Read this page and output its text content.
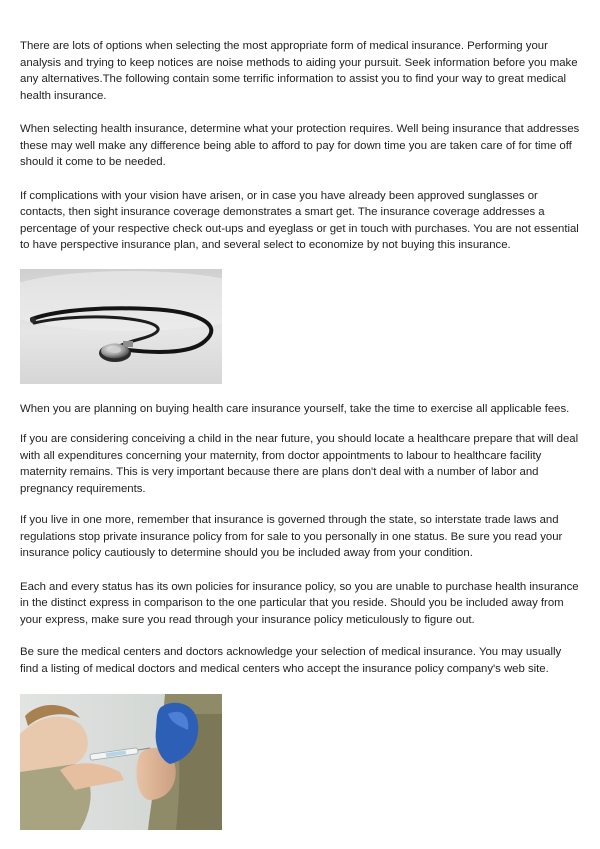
There are lots of options when selecting the most appropriate form of medical insurance. Performing your analysis and trying to keep notices are noise methods to aiding your pursuit. Seek information before you make any alternatives.The following contain some terrific information to assist you to find your way to great medical health insurance.

When selecting health insurance, determine what your protection requires. Well being insurance that addresses these may well make any difference being able to afford to pay for down time you are taken care of for time off should it come to be needed.

If complications with your vision have arisen, or in case you have already been approved sunglasses or contacts, then sight insurance coverage demonstrates a smart get. The insurance coverage addresses a percentage of your respective check out-ups and eyeglass or get in touch with purchases. You are not essential to have perspective insurance plan, and several select to economize by not buying this insurance.

When you are planning on buying health care insurance yourself, take the time to exercise all applicable fees.

If you are considering conceiving a child in the near future, you should locate a healthcare prepare that will deal with all expenditures concerning your maternity, from doctor appointments to labour to healthcare facility maternity remains. This is very important because there are plans don't deal with a number of labor and pregnancy requirements.

If you live in one more, remember that insurance is governed through the state, so interstate trade laws and regulations stop private insurance policy from for sale to you personally in one status. Be sure you read your insurance policy cautiously to determine should you be included away from your condition.

Each and every status has its own policies for insurance policy, so you are unable to purchase health insurance in the distinct express in comparison to the one particular that you reside. Should you be included away from your express, make sure you read through your insurance policy meticulously to figure out.

Be sure the medical centers and doctors acknowledge your selection of medical insurance. You may usually find a listing of medical doctors and medical centers who accept the insurance policy company's web site.
